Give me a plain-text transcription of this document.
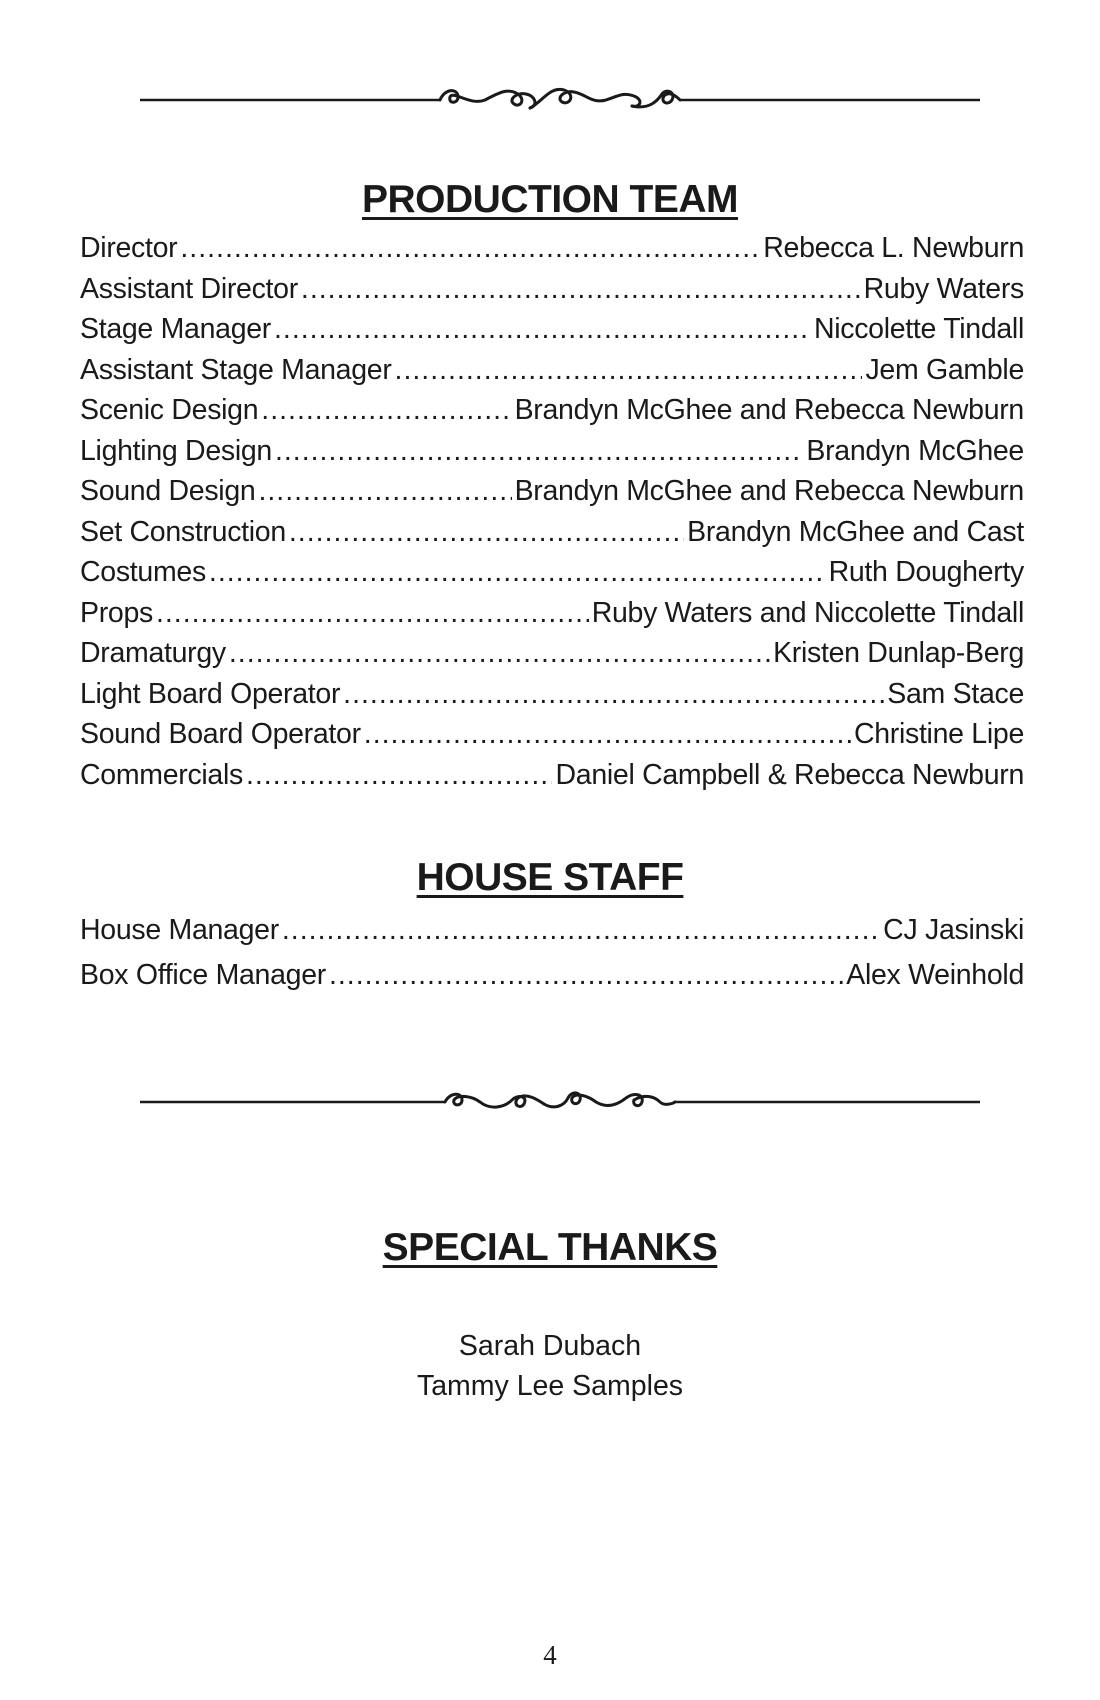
PRODUCTION TEAM
Director .....	Rebecca L. Newburn
Assistant Director .....	Ruby Waters
Stage Manager .....	Niccolette Tindall
Assistant Stage Manager .....	Jem Gamble
Scenic Design .....	Brandyn McGhee and Rebecca Newburn
Lighting Design .....	Brandyn McGhee
Sound Design .....	Brandyn McGhee and Rebecca Newburn
Set Construction .....	Brandyn McGhee and Cast
Costumes .....	Ruth Dougherty
Props .....	Ruby Waters and Niccolette Tindall
Dramaturgy .....	Kristen Dunlap-Berg
Light Board Operator .....	Sam Stace
Sound Board Operator .....	Christine Lipe
Commercials .....	Daniel Campbell & Rebecca Newburn
HOUSE STAFF
House Manager .....	CJ Jasinski
Box Office Manager .....	Alex Weinhold
SPECIAL THANKS
Sarah Dubach
Tammy Lee Samples
4
